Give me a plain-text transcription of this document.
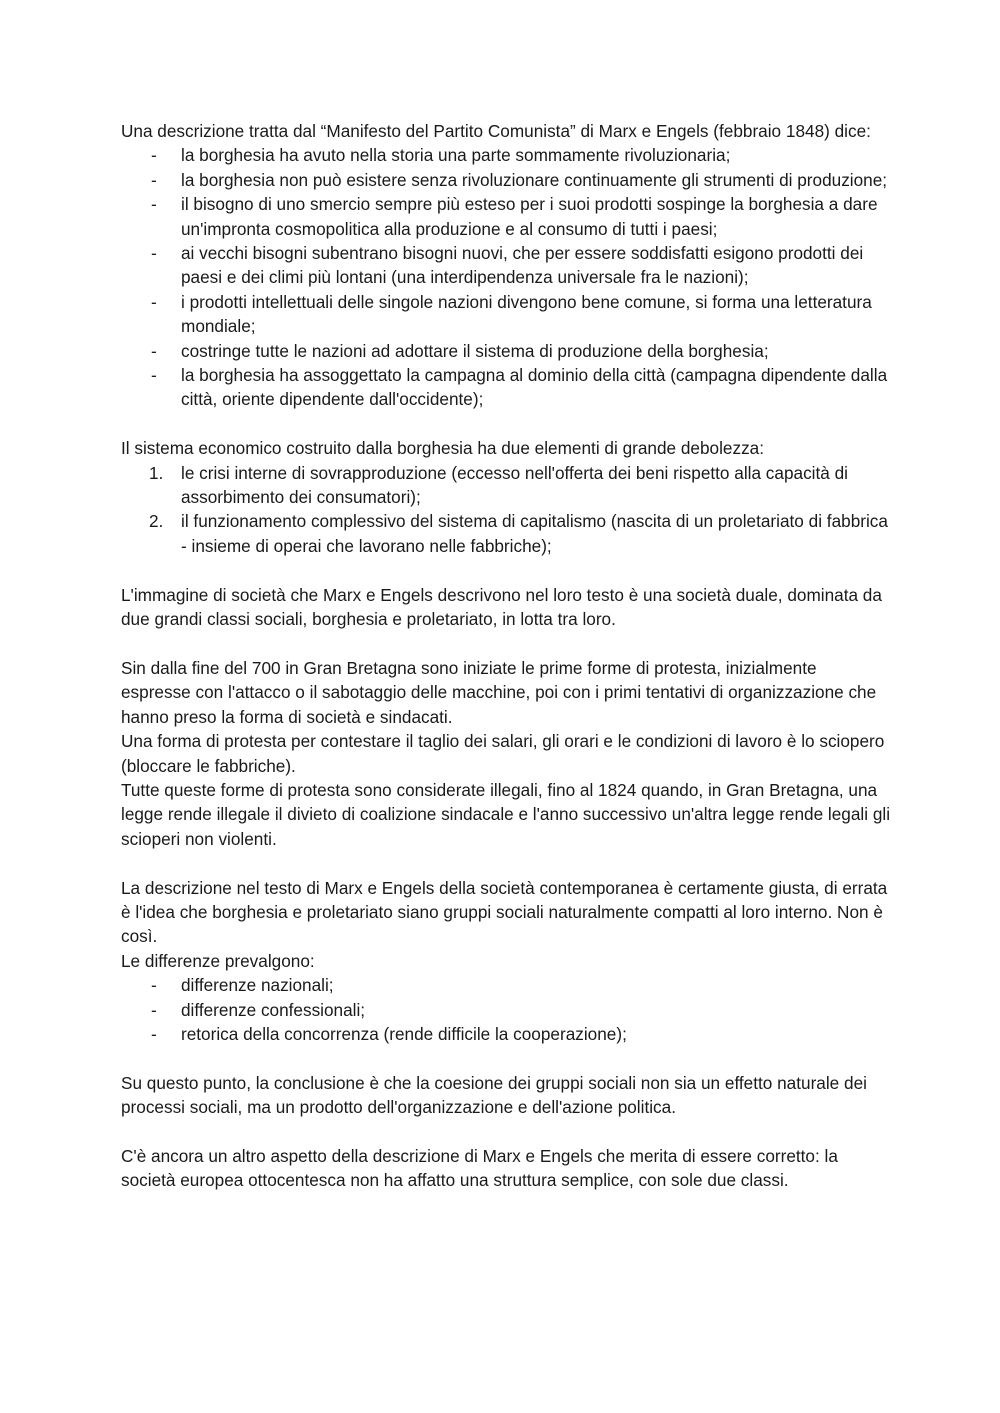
Una descrizione tratta dal “Manifesto del Partito Comunista” di Marx e Engels (febbraio 1848) dice:

- la borghesia ha avuto nella storia una parte sommamente rivoluzionaria;
- la borghesia non può esistere senza rivoluzionare continuamente gli strumenti di produzione;
- il bisogno di uno smercio sempre più esteso per i suoi prodotti sospinge la borghesia a dare un'impronta cosmopolitica alla produzione e al consumo di tutti i paesi;
- ai vecchi bisogni subentrano bisogni nuovi, che per essere soddisfatti esigono prodotti dei paesi e dei climi più lontani (una interdipendenza universale fra le nazioni);
- i prodotti intellettuali delle singole nazioni divengono bene comune, si forma una letteratura mondiale;
- costringe tutte le nazioni ad adottare il sistema di produzione della borghesia;
- la borghesia ha assoggettato la campagna al dominio della città (campagna dipendente dalla città, oriente dipendente dall'occidente);

Il sistema economico costruito dalla borghesia ha due elementi di grande debolezza:

1. le crisi interne di sovrapproduzione (eccesso nell'offerta dei beni rispetto alla capacità di assorbimento dei consumatori);
2. il funzionamento complessivo del sistema di capitalismo (nascita di un proletariato di fabbrica - insieme di operai che lavorano nelle fabbriche);

L'immagine di società che Marx e Engels descrivono nel loro testo è una società duale, dominata da due grandi classi sociali, borghesia e proletariato, in lotta tra loro.

Sin dalla fine del 700 in Gran Bretagna sono iniziate le prime forme di protesta, inizialmente espresse con l'attacco o il sabotaggio delle macchine, poi con i primi tentativi di organizzazione che hanno preso la forma di società e sindacati.

Una forma di protesta per contestare il taglio dei salari, gli orari e le condizioni di lavoro è lo sciopero (bloccare le fabbriche).

Tutte queste forme di protesta sono considerate illegali, fino al 1824 quando, in Gran Bretagna, una legge rende illegale il divieto di coalizione sindacale e l'anno successivo un'altra legge rende legali gli scioperi non violenti.

La descrizione nel testo di Marx e Engels della società contemporanea è certamente giusta, di errata è l'idea che borghesia e proletariato siano gruppi sociali naturalmente compatti al loro interno. Non è così.

Le differenze prevalgono:

- differenze nazionali;
- differenze confessionali;
- retorica della concorrenza (rende difficile la cooperazione);

Su questo punto, la conclusione è che la coesione dei gruppi sociali non sia un effetto naturale dei processi sociali, ma un prodotto dell'organizzazione e dell'azione politica.

C'è ancora un altro aspetto della descrizione di Marx e Engels che merita di essere corretto: la società europea ottocentesca non ha affatto una struttura semplice, con sole due classi.
